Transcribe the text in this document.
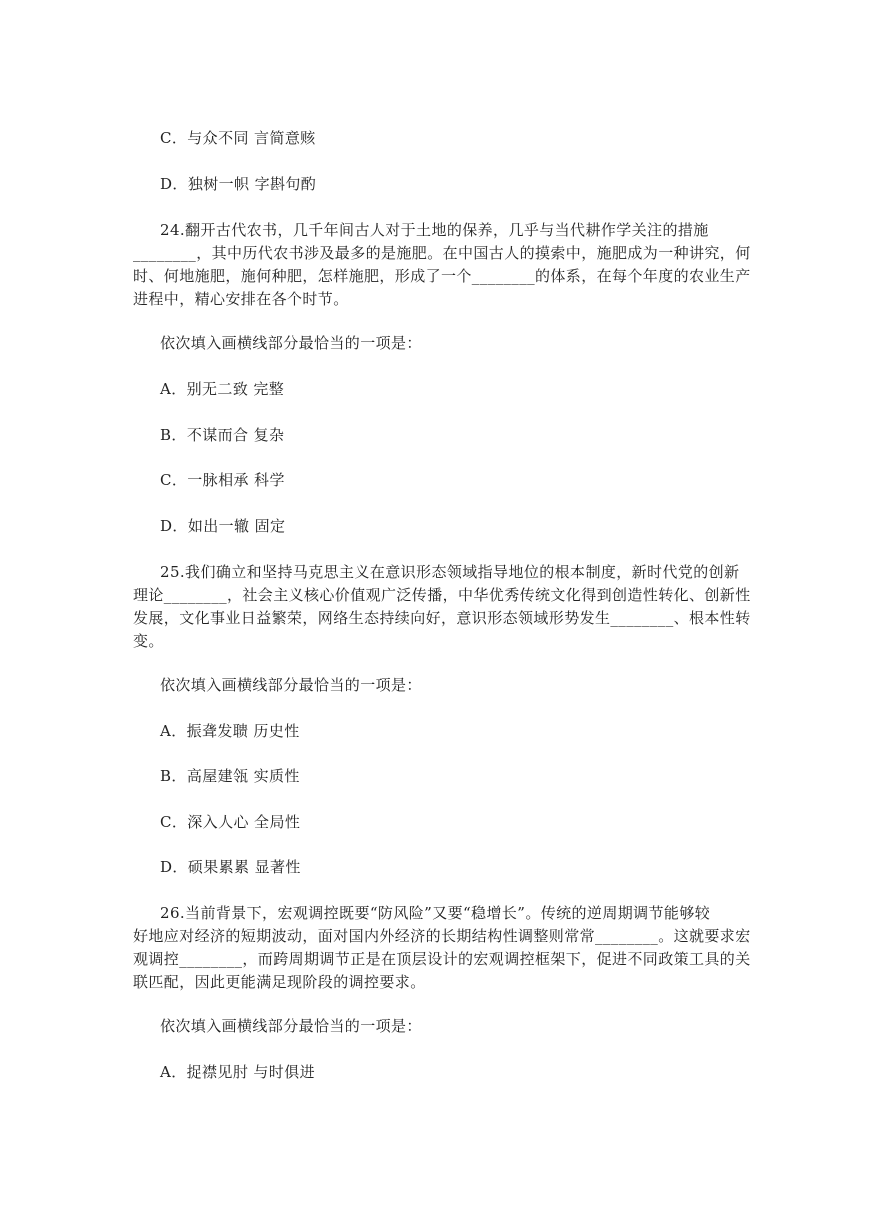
C．与众不同 言简意赅
D．独树一帜 字斟句酌
24.翻开古代农书，几千年间古人对于土地的保养，几乎与当代耕作学关注的措施
________，其中历代农书涉及最多的是施肥。在中国古人的摸索中，施肥成为一种讲究，何
时、何地施肥，施何种肥，怎样施肥，形成了一个________的体系，在每个年度的农业生产
进程中，精心安排在各个时节。
依次填入画横线部分最恰当的一项是：
A．别无二致 完整
B．不谋而合 复杂
C．一脉相承 科学
D．如出一辙 固定
25.我们确立和坚持马克思主义在意识形态领域指导地位的根本制度，新时代党的创新
理论________，社会主义核心价值观广泛传播，中华优秀传统文化得到创造性转化、创新性
发展，文化事业日益繁荣，网络生态持续向好，意识形态领域形势发生________、根本性转
变。
依次填入画横线部分最恰当的一项是：
A．振聋发聩 历史性
B．高屋建瓴 实质性
C．深入人心 全局性
D．硕果累累 显著性
26.当前背景下，宏观调控既要“防风险”又要“稳增长”。传统的逆周期调节能够较
好地应对经济的短期波动，面对国内外经济的长期结构性调整则常常________。这就要求宏
观调控________，而跨周期调节正是在顶层设计的宏观调控框架下，促进不同政策工具的关
联匹配，因此更能满足现阶段的调控要求。
依次填入画横线部分最恰当的一项是：
A．捉襟见肘 与时俱进
